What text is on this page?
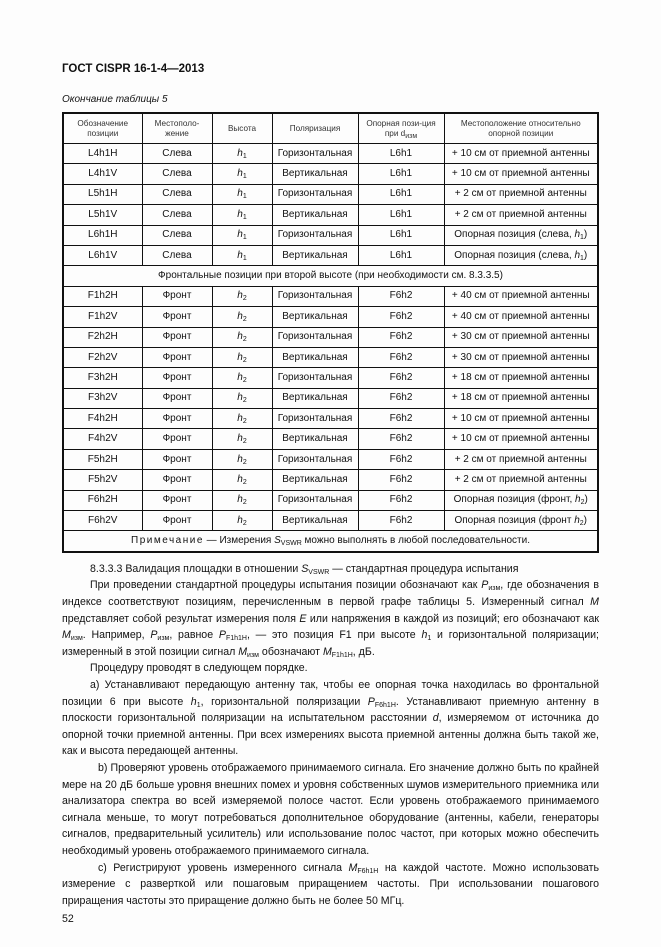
ГОСТ CISPR 16-1-4—2013
Окончание таблицы 5
Обозначение позиции	Местополо-жение	Высота	Поляризация	Опорная пози-ция при $d_{изм}$	Местоположение относительно опорной позиции
L4h1H	Слева	$h_1$	Горизонтальная	L6h1	+ 10 см от приемной антенны
L4h1V	Слева	$h_1$	Вертикальная	L6h1	+ 10 см от приемной антенны
L5h1H	Слева	$h_1$	Горизонтальная	L6h1	+ 2 см от приемной антенны
L5h1V	Слева	$h_1$	Вертикальная	L6h1	+ 2 см от приемной антенны
L6h1H	Слева	$h_1$	Горизонтальная	L6h1	Опорная позиция (слева, $h_1$)
L6h1V	Слева	$h_1$	Вертикальная	L6h1	Опорная позиция (слева, $h_1$)
Фронтальные позиции при второй высоте (при необходимости см. 8.3.3.5)					
F1h2H	Фронт	$h_2$	Горизонтальная	F6h2	+ 40 см от приемной антенны
F1h2V	Фронт	$h_2$	Вертикальная	F6h2	+ 40 см от приемной антенны
F2h2H	Фронт	$h_2$	Горизонтальная	F6h2	+ 30 см от приемной антенны
F2h2V	Фронт	$h_2$	Вертикальная	F6h2	+ 30 см от приемной антенны
F3h2H	Фронт	$h_2$	Горизонтальная	F6h2	+ 18 см от приемной антенны
F3h2V	Фронт	$h_2$	Вертикальная	F6h2	+ 18 см от приемной антенны
F4h2H	Фронт	$h_2$	Горизонтальная	F6h2	+ 10 см от приемной антенны
F4h2V	Фронт	$h_2$	Вертикальная	F6h2	+ 10 см от приемной антенны
F5h2H	Фронт	$h_2$	Горизонтальная	F6h2	+ 2 см от приемной антенны
F5h2V	Фронт	$h_2$	Вертикальная	F6h2	+ 2 см от приемной антенны
F6h2H	Фронт	$h_2$	Горизонтальная	F6h2	Опорная позиция (фронт, $h_2$)
F6h2V	Фронт	$h_2$	Вертикальная	F6h2	Опорная позиция (фронт $h_2$)
Примечание — Измерения $S_{VSWR}$ можно выполнять в любой последовательности.					

8.3.3.3 Валидация площадки в отношении $S_{VSWR}$ — стандартная процедура испытания

При проведении стандартной процедуры испытания позиции обозначают как $P_{изм}$, где обозначения в индексе соответствуют позициям, перечисленным в первой графе таблицы 5. Измеренный сигнал M представляет собой результат измерения поля E или напряжения в каждой из позиций; его обозначают как $M_{изм}$. Например, $P_{изм}$, равное $P_{F1h1H}$, — это позиция F1 при высоте $h_1$ и горизонтальной поляризации; измеренный в этой позиции сигнал $M_{изм}$ обозначают $M_{F1h1H}$, дБ.

Процедуру проводят в следующем порядке.

a) Устанавливают передающую антенну так, чтобы ее опорная точка находилась во фронтальной позиции 6 при высоте $h_1$, горизонтальной поляризации $P_{F6h1H}$. Устанавливают приемную антенну в плоскости горизонтальной поляризации на испытательном расстоянии d, измеряемом от источника до опорной точки приемной антенны. При всех измерениях высота приемной антенны должна быть такой же, как и высота передающей антенны.

b) Проверяют уровень отображаемого принимаемого сигнала. Его значение должно быть по крайней мере на 20 дБ больше уровня внешних помех и уровня собственных шумов измерительного приемника или анализатора спектра во всей измеряемой полосе частот. Если уровень отображаемого принимаемого сигнала меньше, то могут потребоваться дополнительное оборудование (антенны, кабели, генераторы сигналов, предварительный усилитель) или использование полос частот, при которых можно обеспечить необходимый уровень отображаемого принимаемого сигнала.

c) Регистрируют уровень измеренного сигнала $M_{F6h1H}$ на каждой частоте. Можно использовать измерение с разверткой или пошаговым приращением частоты. При использовании пошагового приращения частоты это приращение должно быть не более 50 МГц.

52
